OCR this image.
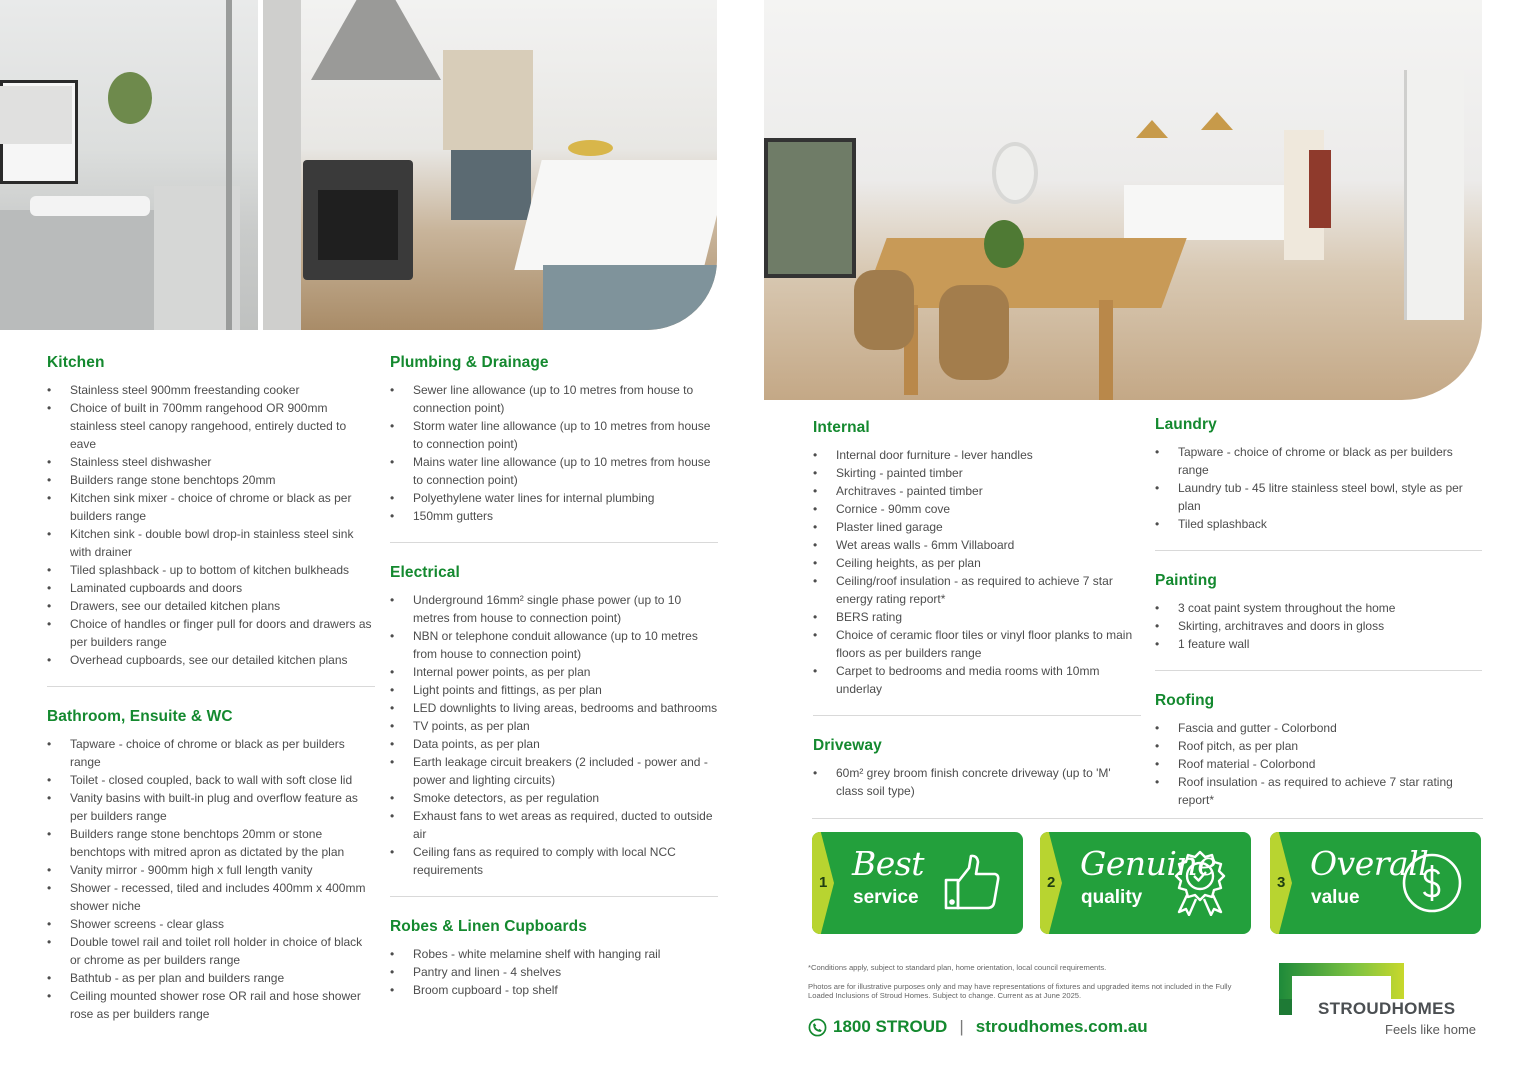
Kitchen
• Stainless steel 900mm freestanding cooker
• Choice of built in 700mm rangehood OR 900mm stainless steel canopy rangehood, entirely ducted to eave
• Stainless steel dishwasher
• Builders range stone benchtops 20mm
• Kitchen sink mixer - choice of chrome or black as per builders range
• Kitchen sink - double bowl drop-in stainless steel sink with drainer
• Tiled splashback - up to bottom of kitchen bulkheads
• Laminated cupboards and doors
• Drawers, see our detailed kitchen plans
• Choice of handles or finger pull for doors and drawers as per builders range
• Overhead cupboards, see our detailed kitchen plans
Bathroom, Ensuite & WC
• Tapware - choice of chrome or black as per builders range
• Toilet - closed coupled, back to wall with soft close lid
• Vanity basins with built-in plug and overflow feature as per builders range
• Builders range stone benchtops 20mm or stone benchtops with mitred apron as dictated by the plan
• Vanity mirror - 900mm high x full length vanity
• Shower - recessed, tiled and includes 400mm x 400mm shower niche
• Shower screens - clear glass
• Double towel rail and toilet roll holder in choice of black or chrome as per builders range
• Bathtub - as per plan and builders range
• Ceiling mounted shower rose OR rail and hose shower rose as per builders range
Plumbing & Drainage
• Sewer line allowance (up to 10 metres from house to connection point)
• Storm water line allowance (up to 10 metres from house to connection point)
• Mains water line allowance (up to 10 metres from house to connection point)
• Polyethylene water lines for internal plumbing
• 150mm gutters
Electrical
• Underground 16mm² single phase power (up to 10 metres from house to connection point)
• NBN or telephone conduit allowance (up to 10 metres from house to connection point)
• Internal power points, as per plan
• Light points and fittings, as per plan
• LED downlights to living areas, bedrooms and bathrooms
• TV points, as per plan
• Data points, as per plan
• Earth leakage circuit breakers (2 included - power and - power and lighting circuits)
• Smoke detectors, as per regulation
• Exhaust fans to wet areas as required, ducted to outside air
• Ceiling fans as required to comply with local NCC requirements
Robes & Linen Cupboards
• Robes - white melamine shelf with hanging rail
• Pantry and linen - 4 shelves
• Broom cupboard - top shelf
Internal
• Internal door furniture - lever handles
• Skirting - painted timber
• Architraves - painted timber
• Cornice - 90mm cove
• Plaster lined garage
• Wet areas walls - 6mm Villaboard
• Ceiling heights, as per plan
• Ceiling/roof insulation - as required to achieve 7 star energy rating report*
• BERS rating
• Choice of ceramic floor tiles or vinyl floor planks to main floors as per builders range
• Carpet to bedrooms and media rooms with 10mm underlay
Driveway
• 60m² grey broom finish concrete driveway (up to 'M' class soil type)
Laundry
• Tapware - choice of chrome or black as per builders range
• Laundry tub - 45 litre stainless steel bowl, style as per plan
• Tiled splashback
Painting
• 3 coat paint system throughout the home
• Skirting, architraves and doors in gloss
• 1 feature wall
Roofing
• Fascia and gutter - Colorbond
• Roof pitch, as per plan
• Roof material - Colorbond
• Roof insulation - as required to achieve 7 star rating report*
1 Best
service
2 Genuine
quality
3 Overall
value
*Conditions apply, subject to standard plan, home orientation, local council requirements.
Photos are for illustrative purposes only and may have representations of fixtures and upgraded items not included in the Fully Loaded Inclusions of Stroud Homes. Subject to change. Current as at June 2025.
1800 STROUD | stroudhomes.com.au
STROUDHOMES
Feels like home
